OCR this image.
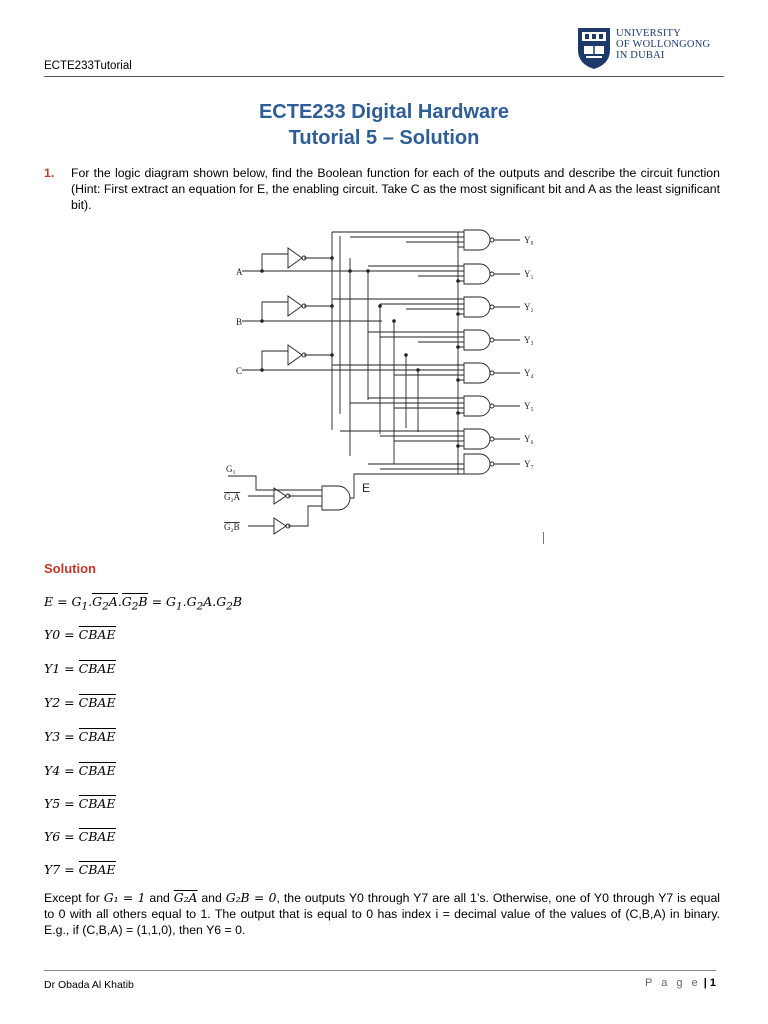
ECTE233Tutorial
UNIVERSITY
OF WOLLONGONG
IN DUBAI
ECTE233 Digital Hardware
Tutorial 5 – Solution
1. For the logic diagram shown below, find the Boolean function for each of the outputs and describe the circuit function (Hint: First extract an equation for E, the enabling circuit. Take C as the most significant bit and A as the least significant bit).
A
B
C
G₁
G₂A
G₂B
E
Y₀
Y₁
Y₂
Y₃
Y₄
Y₅
Y₆
Y₇
Solution
$E = G_1.G_2A.G_2B = G_1.G_2A.G_2B$
Y0 = CBAE
Y1 = CBAE
Y2 = CBAE
Y3 = CBAE
Y4 = CBAE
Y5 = CBAE
Y6 = CBAE
Y7 = CBAE
Except for G₁ = 1 and G₂A and G₂B = 0, the outputs Y0 through Y7 are all 1’s. Otherwise, one of Y0 through Y7 is equal to 0 with all others equal to 1. The output that is equal to 0 has index i = decimal value of the values of (C,B,A) in binary. E.g., if (C,B,A) = (1,1,0), then Y6 = 0.
Dr Obada Al Khatib	P a g e | 1
